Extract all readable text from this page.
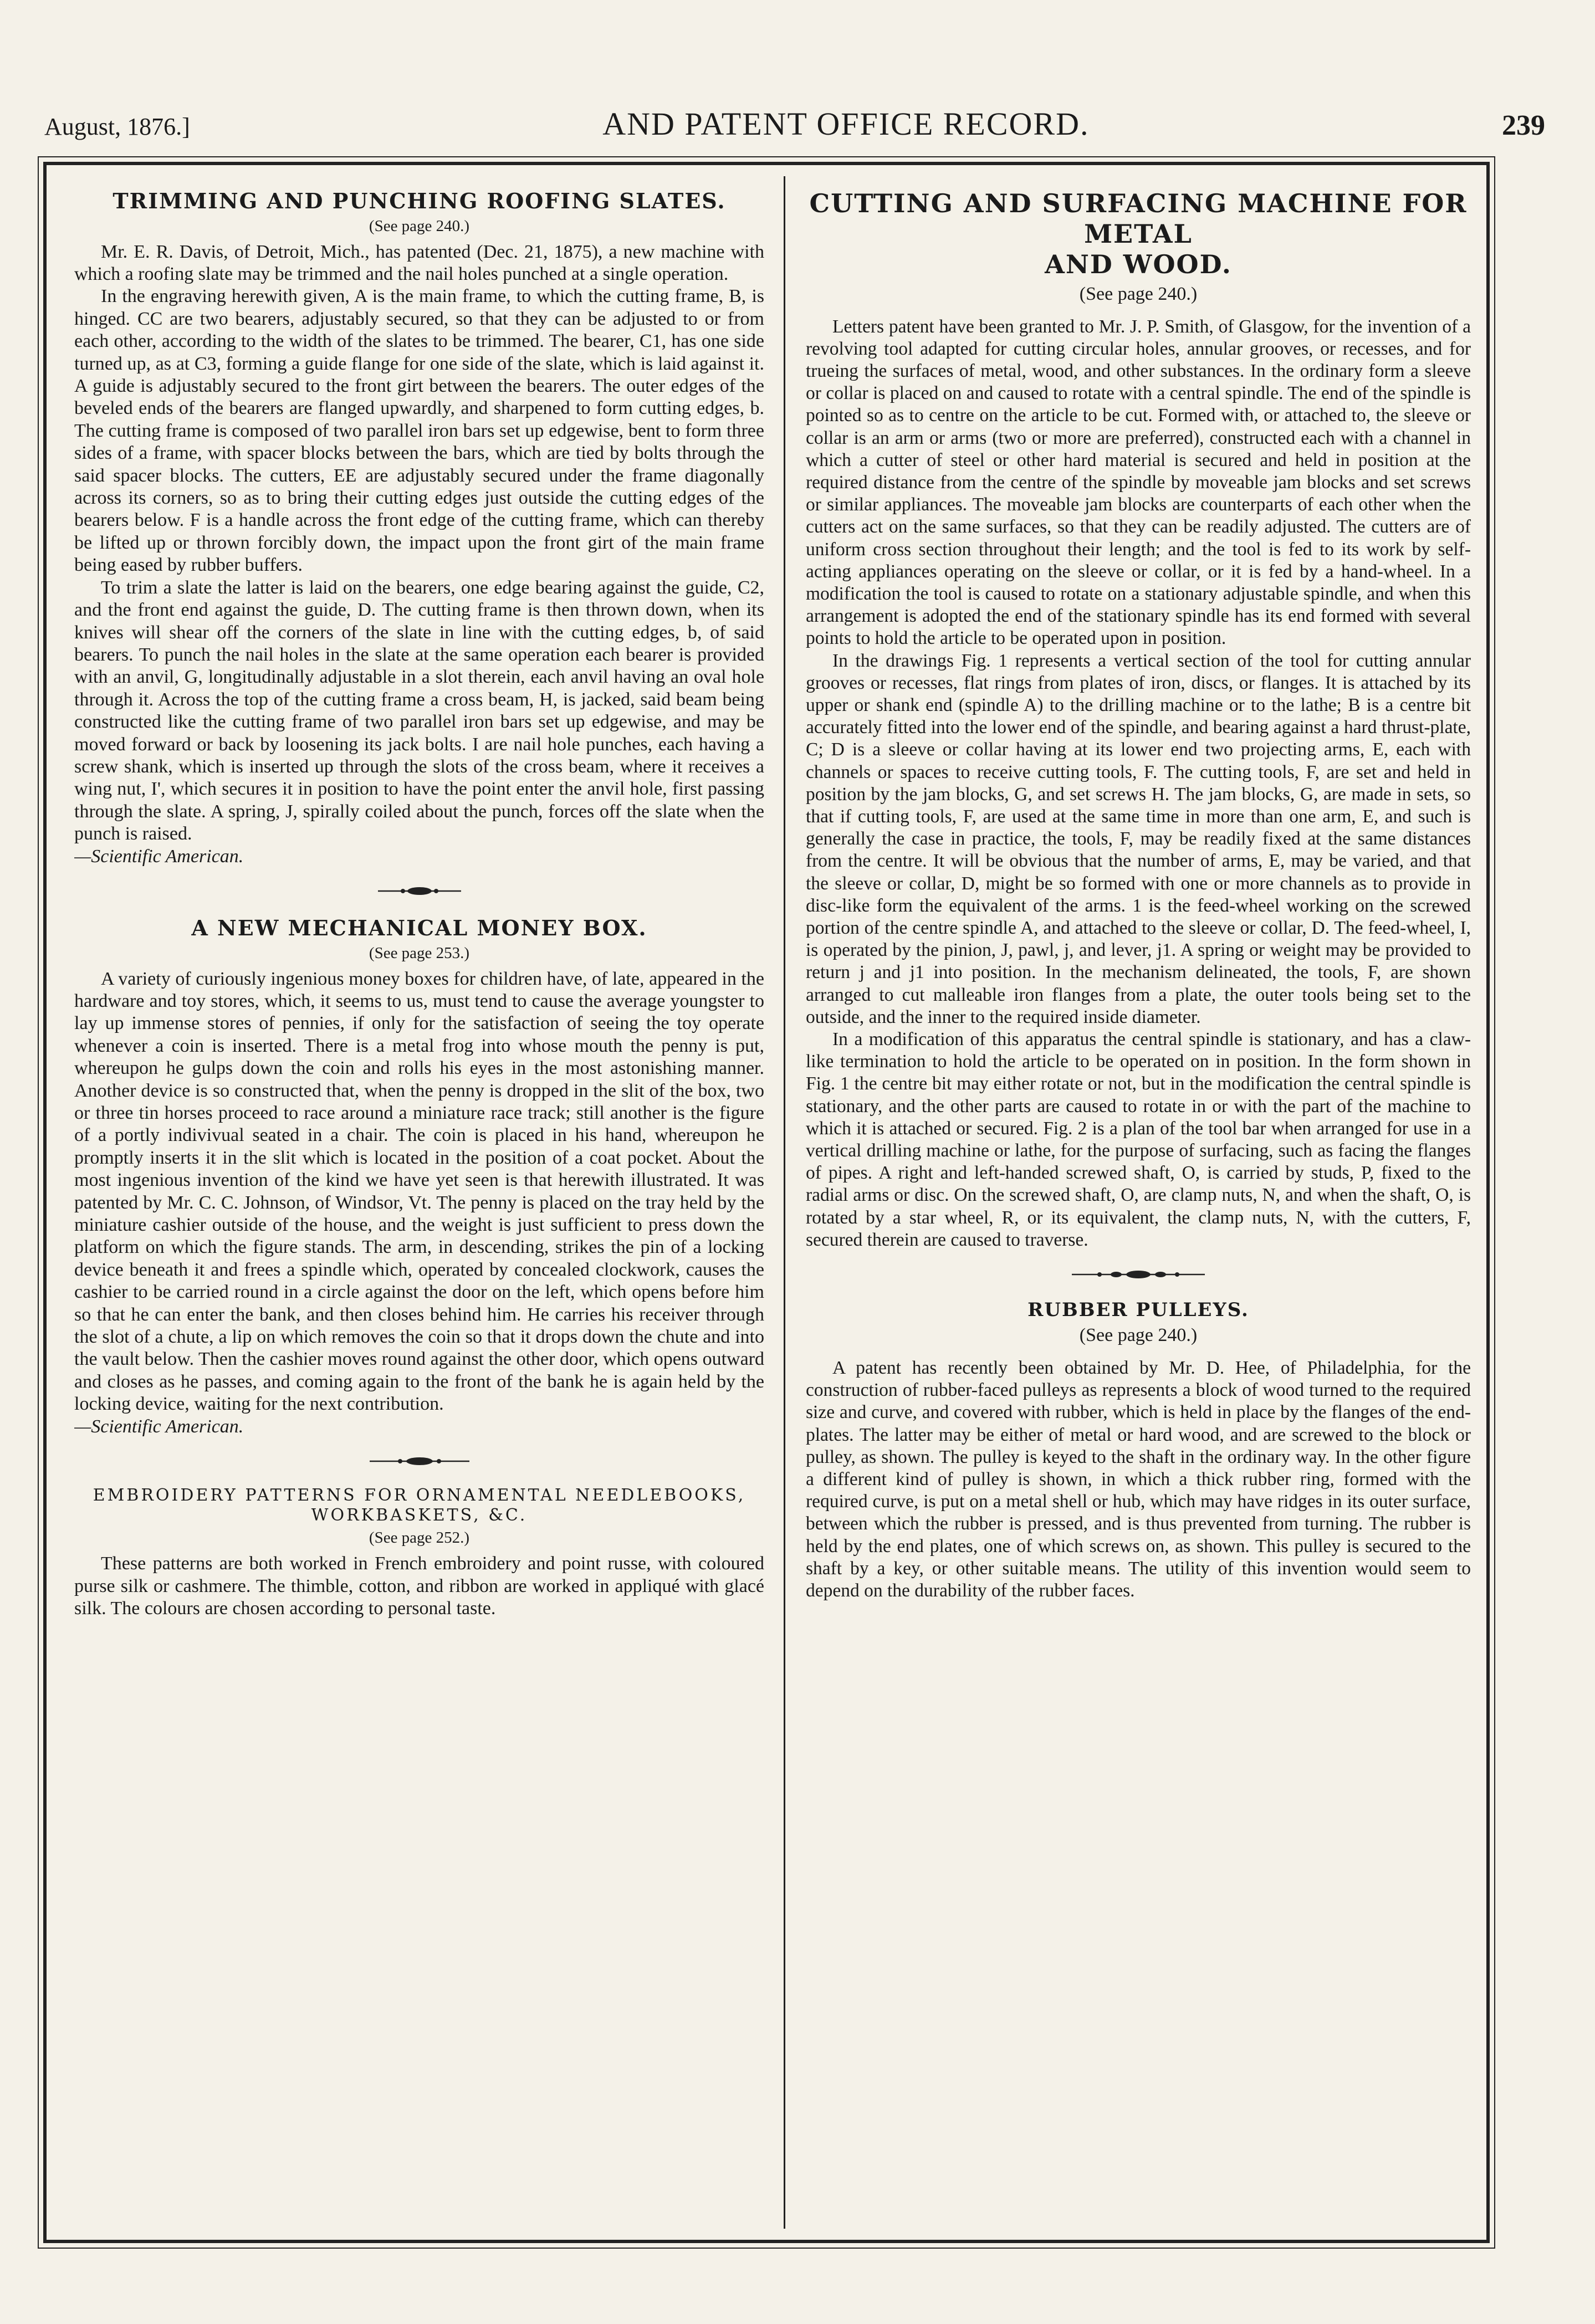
August, 1876.]	AND PATENT OFFICE RECORD.	239
TRIMMING AND PUNCHING ROOFING SLATES.
(See page 240.)

Mr. E. R. Davis, of Detroit, Mich., has patented (Dec. 21, 1875), a new machine with which a roofing slate may be trimmed and the nail holes punched at a single operation.

In the engraving herewith given, A is the main frame, to which the cutting frame, B, is hinged. CC are two bearers, adjustably secured, so that they can be adjusted to or from each other, according to the width of the slates to be trimmed. The bearer, C1, has one side turned up, as at C3, forming a guide flange for one side of the slate, which is laid against it. A guide is adjustably secured to the front girt between the bearers. The outer edges of the beveled ends of the bearers are flanged upwardly, and sharpened to form cutting edges, b. The cutting frame is composed of two parallel iron bars set up edgewise, bent to form three sides of a frame, with spacer blocks between the bars, which are tied by bolts through the said spacer blocks. The cutters, EE are adjustably secured under the frame diagonally across its corners, so as to bring their cutting edges just outside the cutting edges of the bearers below. F is a handle across the front edge of the cutting frame, which can thereby be lifted up or thrown forcibly down, the impact upon the front girt of the main frame being eased by rubber buffers.

To trim a slate the latter is laid on the bearers, one edge bearing against the guide, C2, and the front end against the guide, D. The cutting frame is then thrown down, when its knives will shear off the corners of the slate in line with the cutting edges, b, of said bearers. To punch the nail holes in the slate at the same operation each bearer is provided with an anvil, G, longitudinally adjustable in a slot therein, each anvil having an oval hole through it. Across the top of the cutting frame a cross beam, H, is jacked, said beam being constructed like the cutting frame of two parallel iron bars set up edgewise, and may be moved forward or back by loosening its jack bolts. I are nail hole punches, each having a screw shank, which is inserted up through the slots of the cross beam, where it receives a wing nut, I', which secures it in position to have the point enter the anvil hole, first passing through the slate. A spring, J, spirally coiled about the punch, forces off the slate when the punch is raised.

—Scientific American.

A NEW MECHANICAL MONEY BOX.
(See page 253.)

A variety of curiously ingenious money boxes for children have, of late, appeared in the hardware and toy stores, which, it seems to us, must tend to cause the average youngster to lay up immense stores of pennies, if only for the satisfaction of seeing the toy operate whenever a coin is inserted. There is a metal frog into whose mouth the penny is put, whereupon he gulps down the coin and rolls his eyes in the most astonishing manner. Another device is so constructed that, when the penny is dropped in the slit of the box, two or three tin horses proceed to race around a miniature race track; still another is the figure of a portly indivivual seated in a chair. The coin is placed in his hand, whereupon he promptly inserts it in the slit which is located in the position of a coat pocket. About the most ingenious invention of the kind we have yet seen is that herewith illustrated. It was patented by Mr. C. C. Johnson, of Windsor, Vt. The penny is placed on the tray held by the miniature cashier outside of the house, and the weight is just sufficient to press down the platform on which the figure stands. The arm, in descending, strikes the pin of a locking device beneath it and frees a spindle which, operated by concealed clockwork, causes the cashier to be carried round in a circle against the door on the left, which opens before him so that he can enter the bank, and then closes behind him. He carries his receiver through the slot of a chute, a lip on which removes the coin so that it drops down the chute and into the vault below. Then the cashier moves round against the other door, which opens outward and closes as he passes, and coming again to the front of the bank he is again held by the locking device, waiting for the next contribution.

—Scientific American.

EMBROIDERY PATTERNS FOR ORNAMENTAL NEEDLEBOOKS,
WORKBASKETS, &C.
(See page 252.)

These patterns are both worked in French embroidery and point russe, with coloured purse silk or cashmere. The thimble, cotton, and ribbon are worked in appliqué with glacé silk. The colours are chosen according to personal taste.

CUTTING AND SURFACING MACHINE FOR METAL
AND WOOD.
(See page 240.)

Letters patent have been granted to Mr. J. P. Smith, of Glasgow, for the invention of a revolving tool adapted for cutting circular holes, annular grooves, or recesses, and for trueing the surfaces of metal, wood, and other substances. In the ordinary form a sleeve or collar is placed on and caused to rotate with a central spindle. The end of the spindle is pointed so as to centre on the article to be cut. Formed with, or attached to, the sleeve or collar is an arm or arms (two or more are preferred), constructed each with a channel in which a cutter of steel or other hard material is secured and held in position at the required distance from the centre of the spindle by moveable jam blocks and set screws or similar appliances. The moveable jam blocks are counterparts of each other when the cutters act on the same surfaces, so that they can be readily adjusted. The cutters are of uniform cross section throughout their length; and the tool is fed to its work by self-acting appliances operating on the sleeve or collar, or it is fed by a hand-wheel. In a modification the tool is caused to rotate on a stationary adjustable spindle, and when this arrangement is adopted the end of the stationary spindle has its end formed with several points to hold the article to be operated upon in position.

In the drawings Fig. 1 represents a vertical section of the tool for cutting annular grooves or recesses, flat rings from plates of iron, discs, or flanges. It is attached by its upper or shank end (spindle A) to the drilling machine or to the lathe; B is a centre bit accurately fitted into the lower end of the spindle, and bearing against a hard thrust-plate, C; D is a sleeve or collar having at its lower end two projecting arms, E, each with channels or spaces to receive cutting tools, F. The cutting tools, F, are set and held in position by the jam blocks, G, and set screws H. The jam blocks, G, are made in sets, so that if cutting tools, F, are used at the same time in more than one arm, E, and such is generally the case in practice, the tools, F, may be readily fixed at the same distances from the centre. It will be obvious that the number of arms, E, may be varied, and that the sleeve or collar, D, might be so formed with one or more channels as to provide in disc-like form the equivalent of the arms. 1 is the feed-wheel working on the screwed portion of the centre spindle A, and attached to the sleeve or collar, D. The feed-wheel, I, is operated by the pinion, J, pawl, j, and lever, j1. A spring or weight may be provided to return j and j1 into position. In the mechanism delineated, the tools, F, are shown arranged to cut malleable iron flanges from a plate, the outer tools being set to the outside, and the inner to the required inside diameter.

In a modification of this apparatus the central spindle is stationary, and has a claw-like termination to hold the article to be operated on in position. In the form shown in Fig. 1 the centre bit may either rotate or not, but in the modification the central spindle is stationary, and the other parts are caused to rotate in or with the part of the machine to which it is attached or secured. Fig. 2 is a plan of the tool bar when arranged for use in a vertical drilling machine or lathe, for the purpose of surfacing, such as facing the flanges of pipes. A right and left-handed screwed shaft, O, is carried by studs, P, fixed to the radial arms or disc. On the screwed shaft, O, are clamp nuts, N, and when the shaft, O, is rotated by a star wheel, R, or its equivalent, the clamp nuts, N, with the cutters, F, secured therein are caused to traverse.

RUBBER PULLEYS.
(See page 240.)

A patent has recently been obtained by Mr. D. Hee, of Philadelphia, for the construction of rubber-faced pulleys as represents a block of wood turned to the required size and curve, and covered with rubber, which is held in place by the flanges of the end-plates. The latter may be either of metal or hard wood, and are screwed to the block or pulley, as shown. The pulley is keyed to the shaft in the ordinary way. In the other figure a different kind of pulley is shown, in which a thick rubber ring, formed with the required curve, is put on a metal shell or hub, which may have ridges in its outer surface, between which the rubber is pressed, and is thus prevented from turning. The rubber is held by the end plates, one of which screws on, as shown. This pulley is secured to the shaft by a key, or other suitable means. The utility of this invention would seem to depend on the durability of the rubber faces.
